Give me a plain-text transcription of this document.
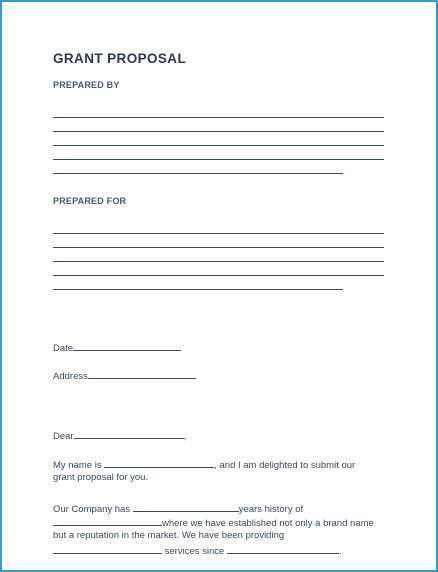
GRANT PROPOSAL
PREPARED BY
PREPARED FOR
Date
Address
Dear	,
My name is	, and I am delighted to submit our
grant proposal for you.
Our Company has	years history of
where we have established not only a brand name
but a reputation in the market. We have been providing
services since	.
